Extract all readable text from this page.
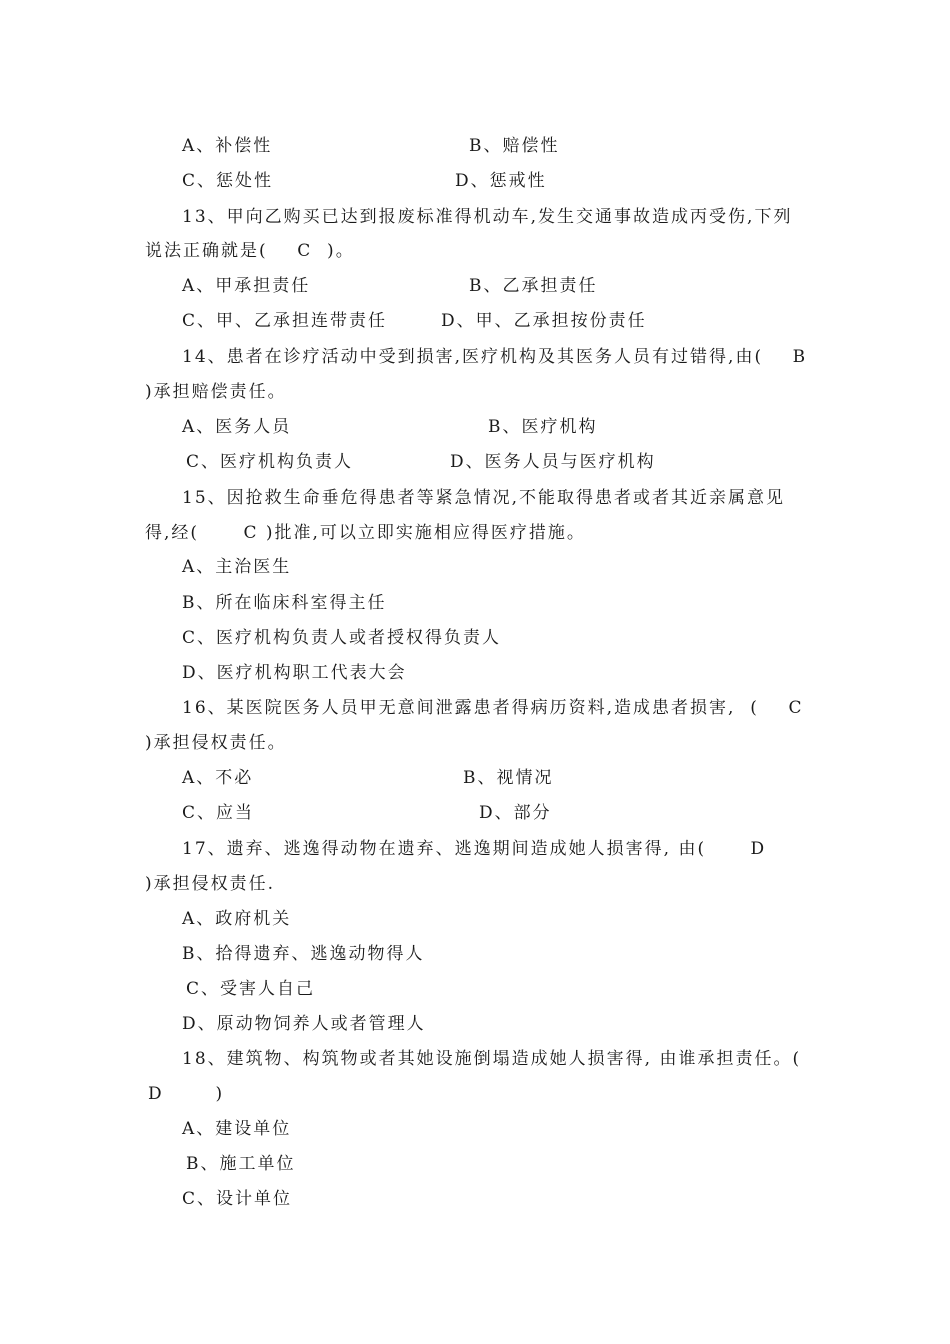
A、补偿性	B、赔偿性
C、惩处性	D、惩戒性
13、甲向乙购买已达到报废标准得机动车,发生交通事故造成丙受伤,下列
说法正确就是(    C  )。
A、甲承担责任	B、乙承担责任
C、甲、乙承担连带责任	D、甲、乙承担按份责任
14、患者在诊疗活动中受到损害,医疗机构及其医务人员有过错得,由(    B
)承担赔偿责任。
A、医务人员	B、医疗机构
C、医疗机构负责人	D、医务人员与医疗机构
15、因抢救生命垂危得患者等紧急情况,不能取得患者或者其近亲属意见
得,经(      C )批准,可以立即实施相应得医疗措施。
A、主治医生
B、所在临床科室得主任
C、医疗机构负责人或者授权得负责人
D、医疗机构职工代表大会
16、某医院医务人员甲无意间泄露患者得病历资料,造成患者损害,  (    C
)承担侵权责任。
A、不必	B、视情况
C、应当	D、部分
17、遗弃、逃逸得动物在遗弃、逃逸期间造成她人损害得, 由(      D
)承担侵权责任.
A、政府机关
B、拾得遗弃、逃逸动物得人
C、受害人自己
D、原动物饲养人或者管理人
18、建筑物、构筑物或者其她设施倒塌造成她人损害得, 由谁承担责任。(
D       )
A、建设单位
B、施工单位
C、设计单位
